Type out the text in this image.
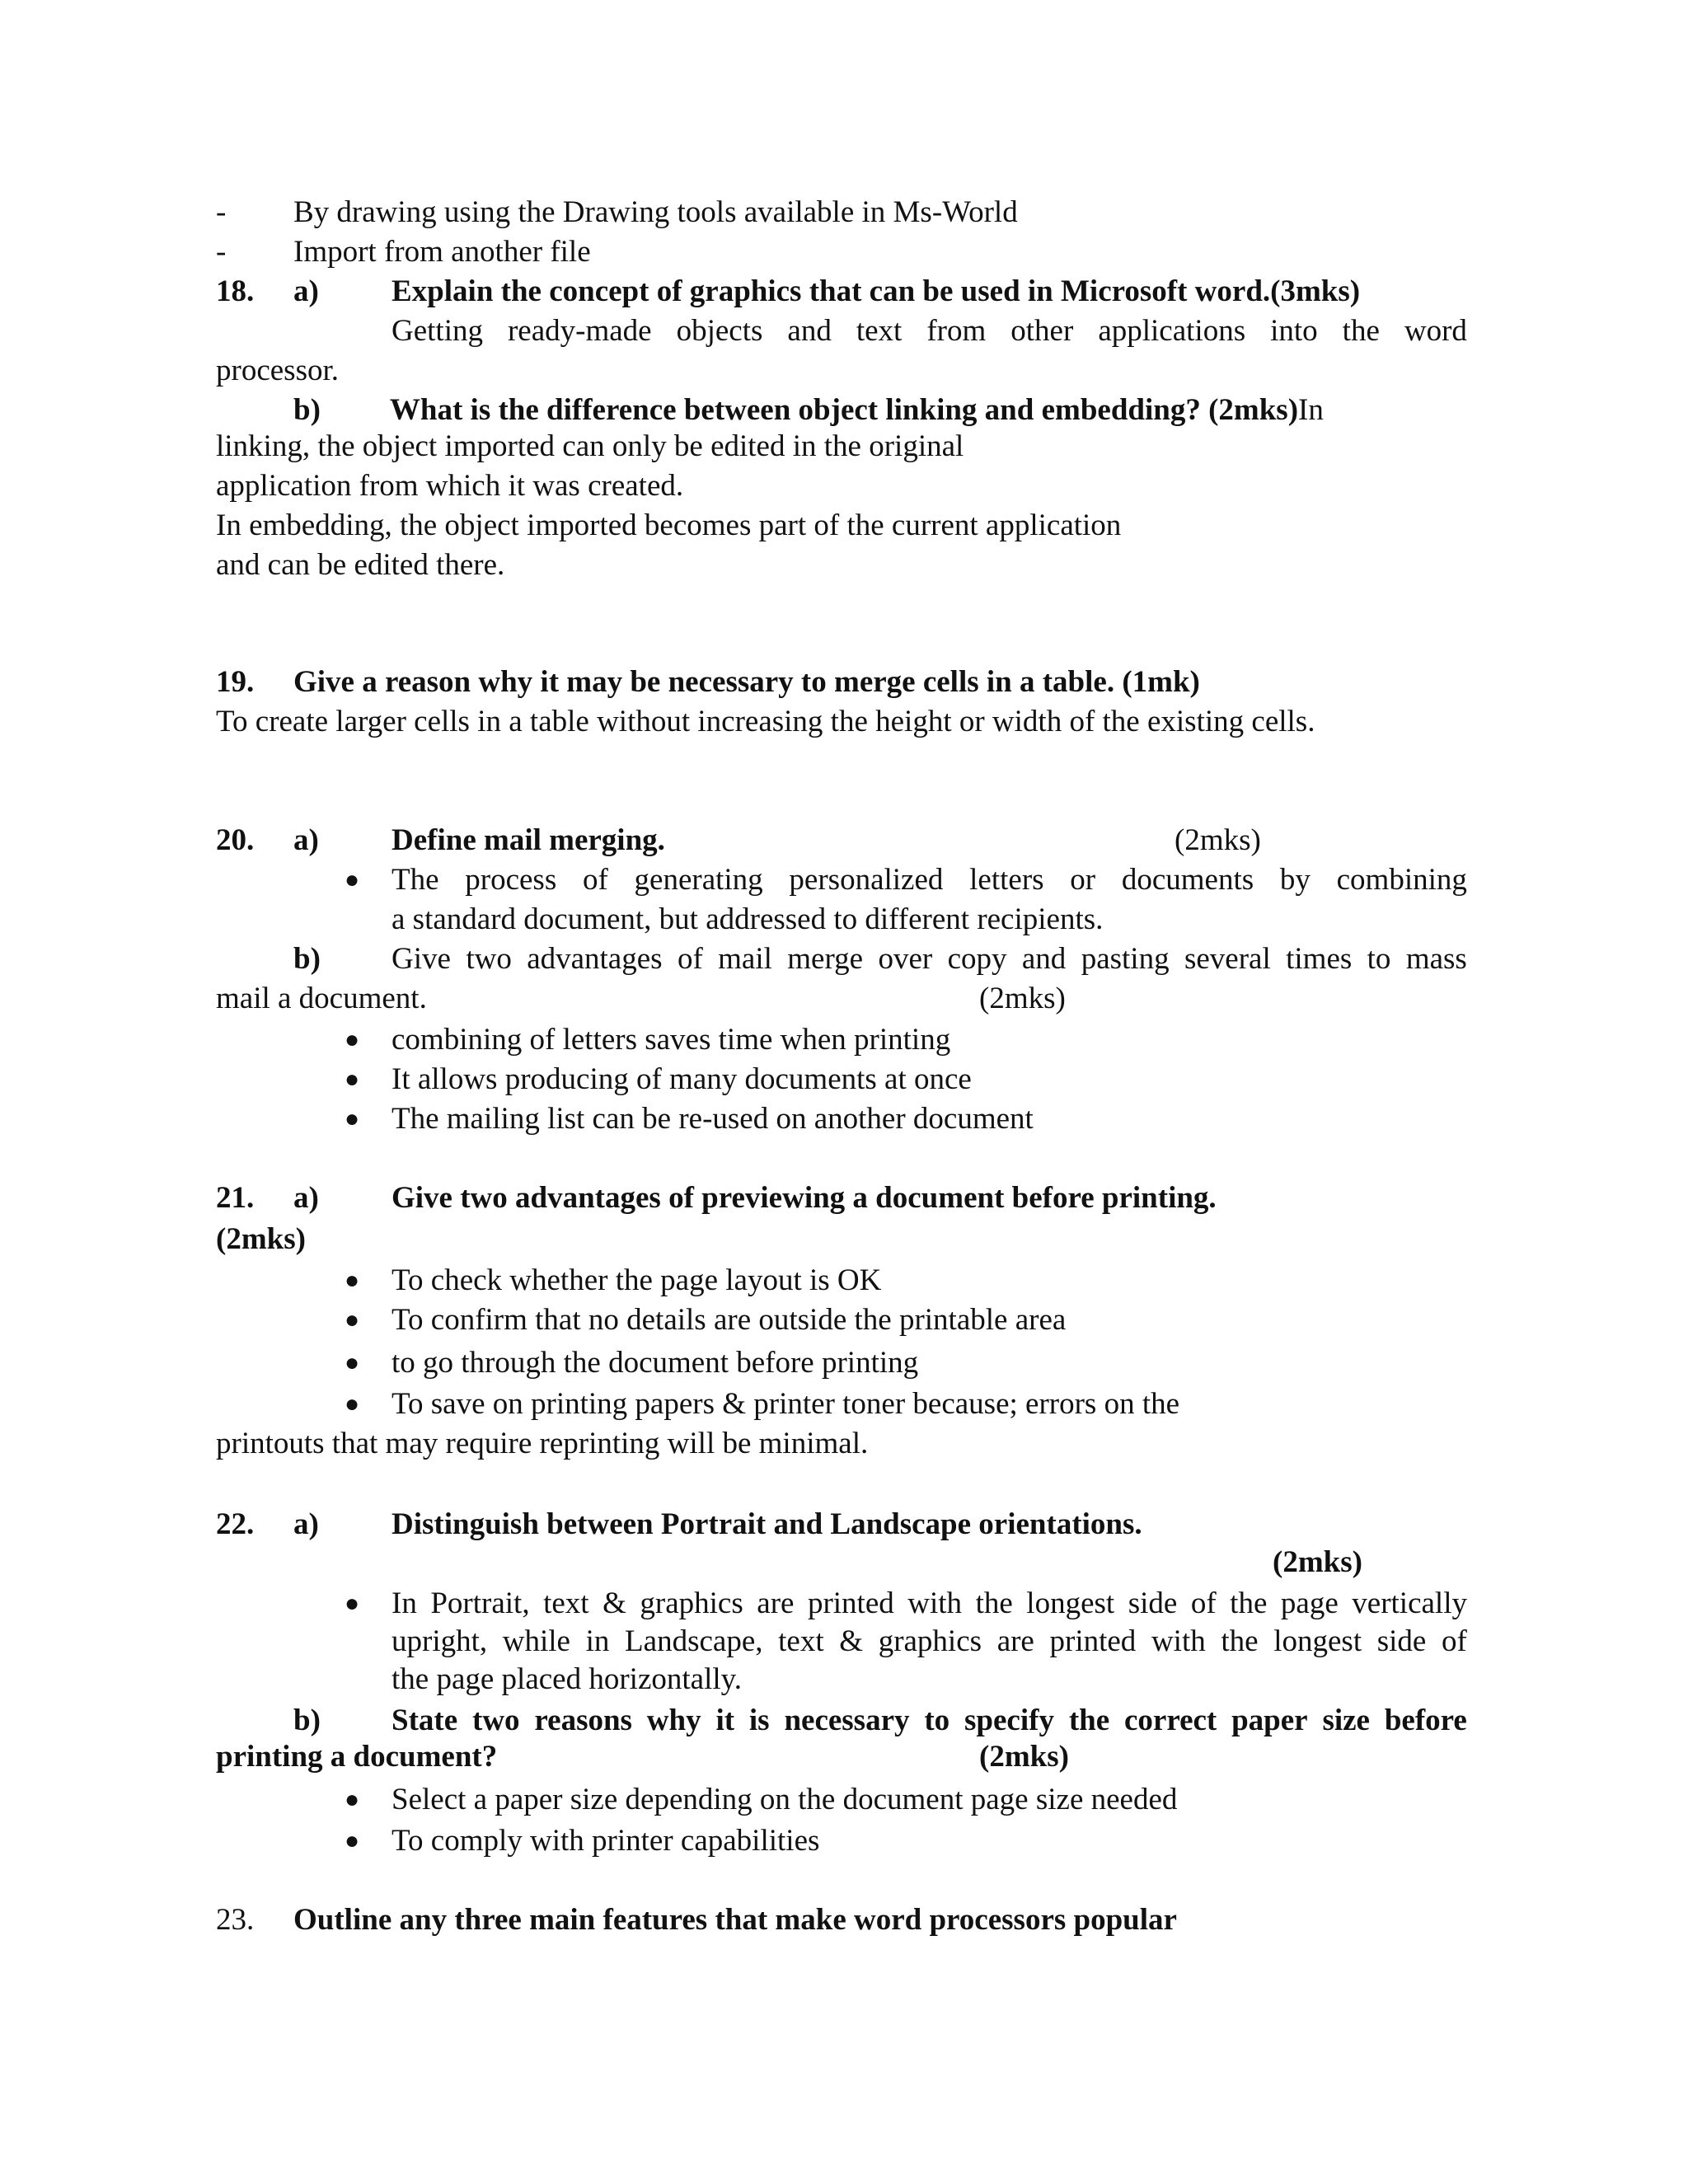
- By drawing using the Drawing tools available in Ms-World
- Import from another file
18. a) Explain the concept of graphics that can be used in Microsoft word.(3mks)
Getting ready-made objects and text from other applications into the word
processor.
b) What is the difference between object linking and embedding? (2mks)In
linking, the object imported can only be edited in the original
application from which it was created.
In embedding, the object imported becomes part of the current application
and can be edited there.
19. Give a reason why it may be necessary to merge cells in a table. (1mk)
To create larger cells in a table without increasing the height or width of the existing cells.
20. a) Define mail merging.	(2mks)
● The process of generating personalized letters or documents by combining
a standard document, but addressed to different recipients.
b) Give two advantages of mail merge over copy and pasting several times to mass
mail a document.	(2mks)
● combining of letters saves time when printing
● It allows producing of many documents at once
● The mailing list can be re-used on another document
21. a) Give two advantages of previewing a document before printing.
(2mks)
● To check whether the page layout is OK
● To confirm that no details are outside the printable area
● to go through the document before printing
● To save on printing papers & printer toner because; errors on the
printouts that may require reprinting will be minimal.
22. a) Distinguish between Portrait and Landscape orientations.
(2mks)
● In Portrait, text & graphics are printed with the longest side of the page vertically
upright, while in Landscape, text & graphics are printed with the longest side of
the page placed horizontally.
b) State two reasons why it is necessary to specify the correct paper size before
printing a document?	(2mks)
● Select a paper size depending on the document page size needed
● To comply with printer capabilities
23. Outline any three main features that make word processors popular
